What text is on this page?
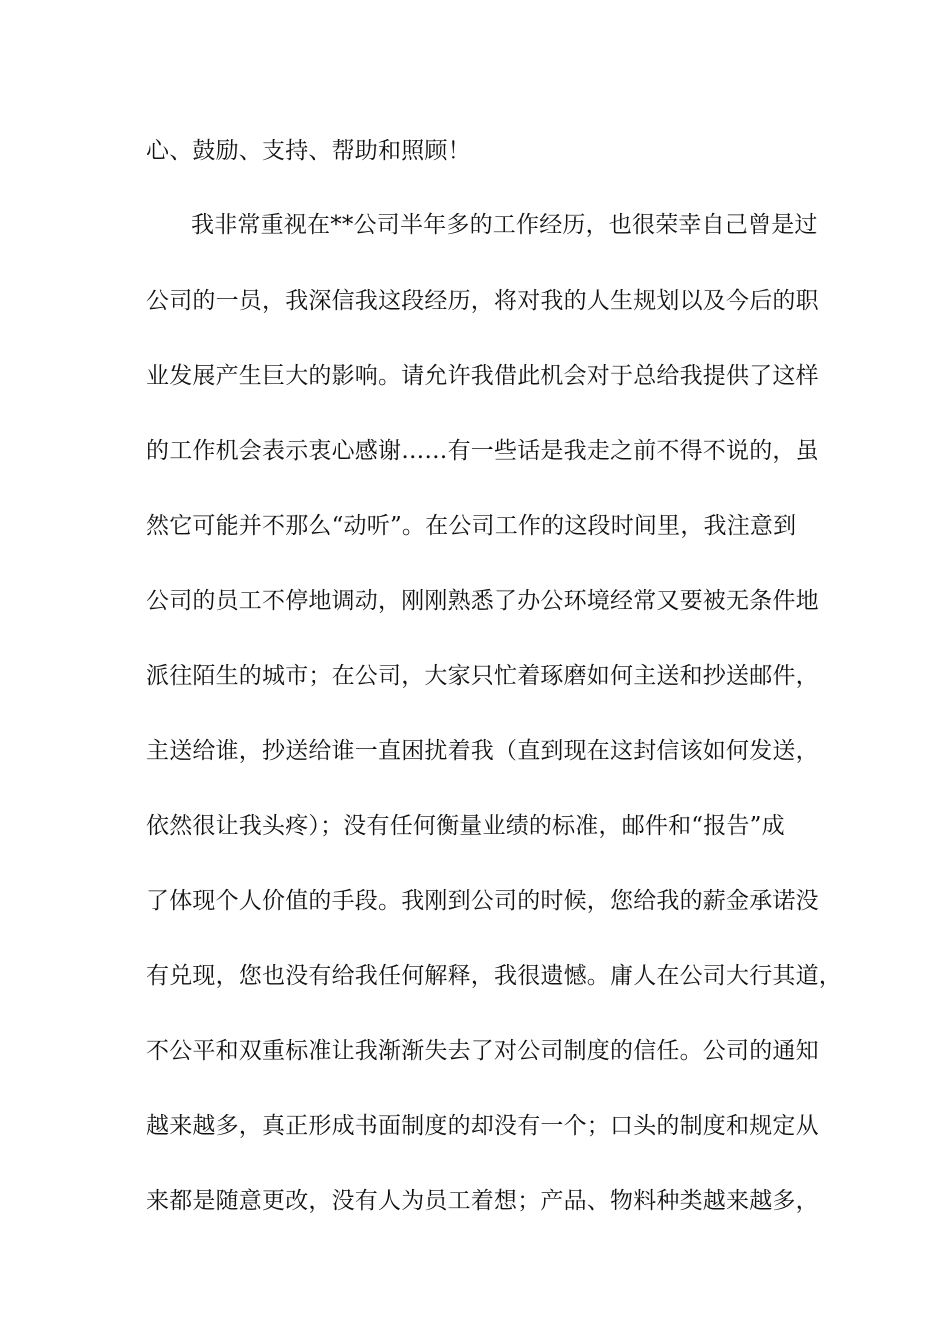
心、鼓励、支持、帮助和照顾！
我非常重视在**公司半年多的工作经历，也很荣幸自己曾是过
公司的一员，我深信我这段经历，将对我的人生规划以及今后的职
业发展产生巨大的影响。请允许我借此机会对于总给我提供了这样
的工作机会表示衷心感谢……有一些话是我走之前不得不说的，虽
然它可能并不那么“动听”。在公司工作的这段时间里，我注意到
公司的员工不停地调动，刚刚熟悉了办公环境经常又要被无条件地
派往陌生的城市；在公司，大家只忙着琢磨如何主送和抄送邮件，
主送给谁，抄送给谁一直困扰着我（直到现在这封信该如何发送，
依然很让我头疼）；没有任何衡量业绩的标准，邮件和“报告”成
了体现个人价值的手段。我刚到公司的时候，您给我的薪金承诺没
有兑现，您也没有给我任何解释，我很遗憾。庸人在公司大行其道，
不公平和双重标准让我渐渐失去了对公司制度的信任。公司的通知
越来越多，真正形成书面制度的却没有一个；口头的制度和规定从
来都是随意更改，没有人为员工着想；产品、物料种类越来越多，
